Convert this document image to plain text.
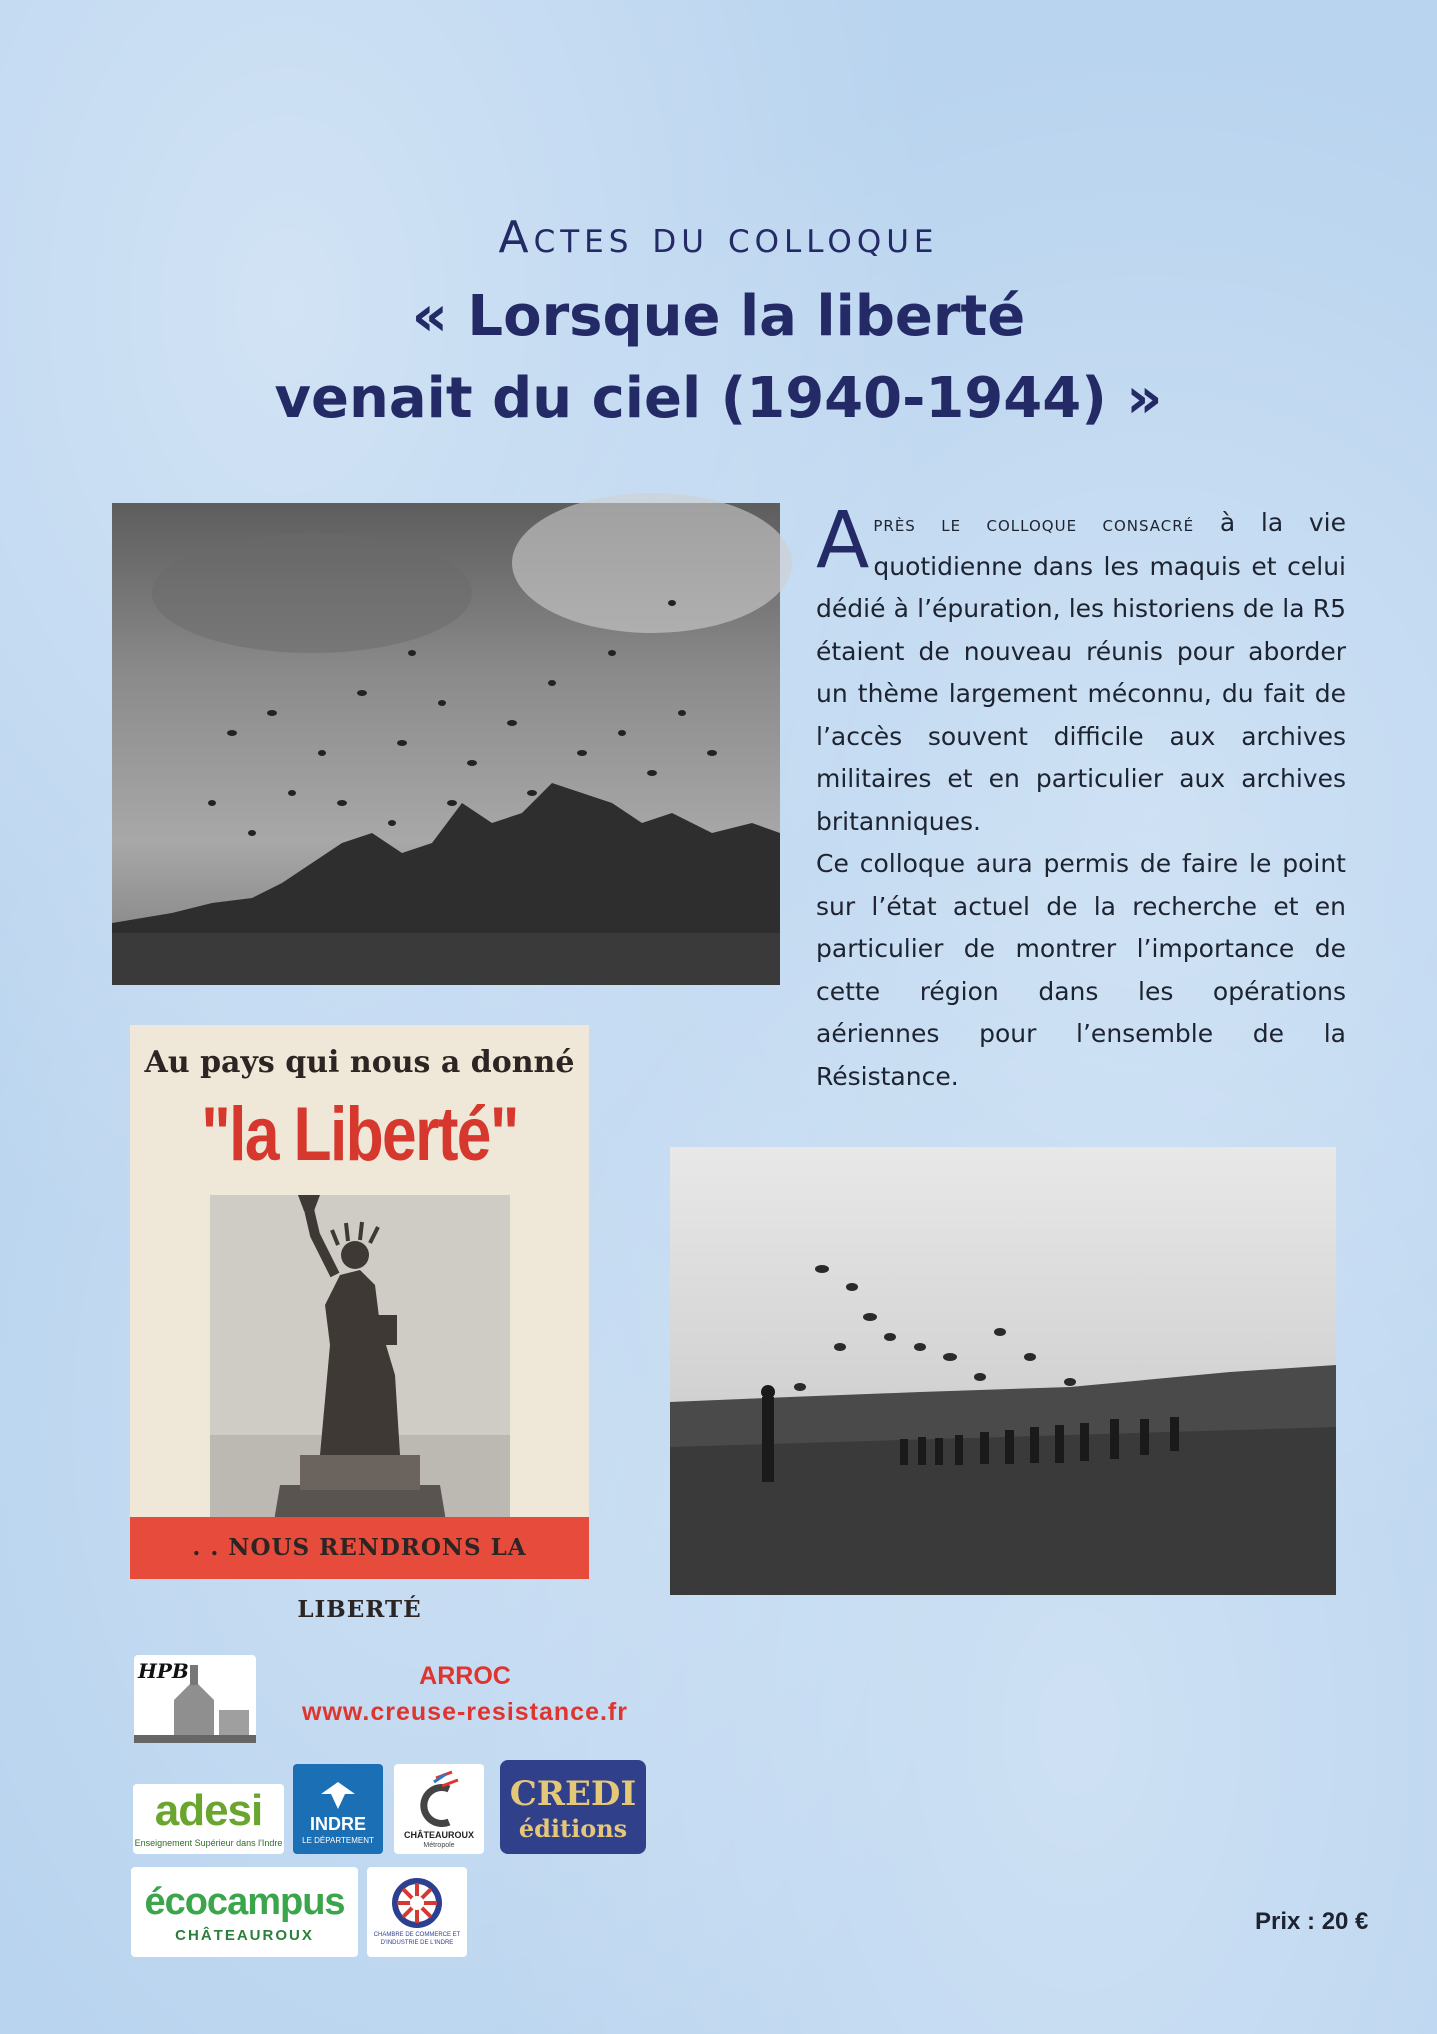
Actes du colloque
« Lorsque la liberté
venait du ciel (1940-1944) »

Après le colloque consacré à la vie quotidienne dans les maquis et celui dédié à l’épuration, les historiens de la R5 étaient de nouveau réunis pour aborder un thème largement méconnu, du fait de l’accès souvent difficile aux archives militaires et en particulier aux archives britanniques.

Ce colloque aura permis de faire le point sur l’état actuel de la recherche et en particulier de montrer l’importance de cette région dans les opérations aériennes pour l’ensemble de la Résistance.

Au pays qui nous a donné
"la Liberté"
. . NOUS RENDRONS LA LIBERTÉ
HPB	ARROC
www.creuse-resistance.fr
adesi
Enseignement Supérieur dans l'Indre
INDRE
LE DÉPARTEMENT
CHÂTEAUROUX
Métropole
CREDI
éditions
écocampus
CHÂTEAUROUX	CHAMBRE DE COMMERCE ET D'INDUSTRIE DE L'INDRE
Prix : 20 €
